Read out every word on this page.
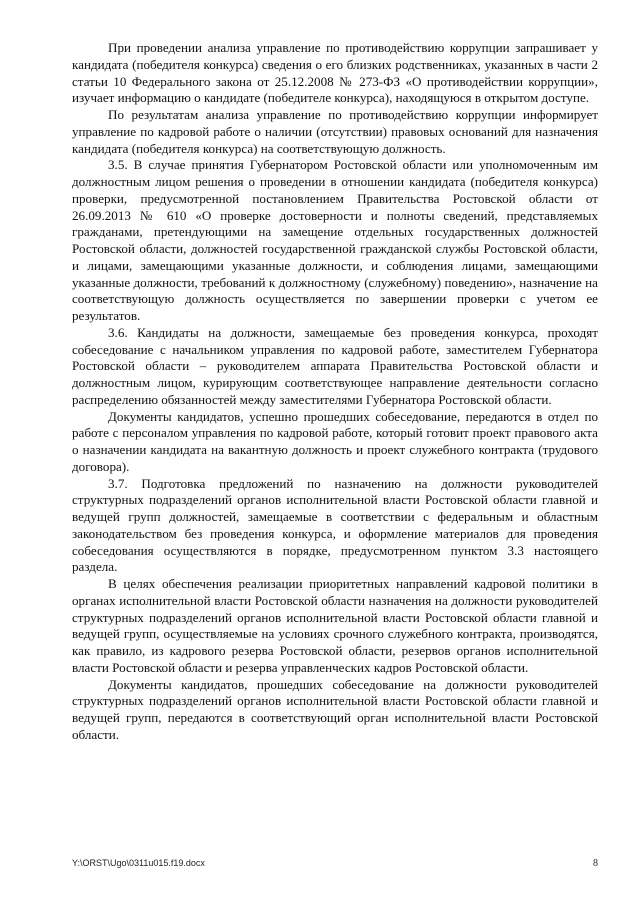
При проведении анализа управление по противодействию коррупции запрашивает у кандидата (победителя конкурса) сведения о его близких родственниках, указанных в части 2 статьи 10 Федерального закона от 25.12.2008 № 273-ФЗ «О противодействии коррупции», изучает информацию о кандидате (победителе конкурса), находящуюся в открытом доступе.

По результатам анализа управление по противодействию коррупции информирует управление по кадровой работе о наличии (отсутствии) правовых оснований для назначения кандидата (победителя конкурса) на соответствующую должность.

3.5. В случае принятия Губернатором Ростовской области или уполномоченным им должностным лицом решения о проведении в отношении кандидата (победителя конкурса) проверки, предусмотренной постановлением Правительства Ростовской области от 26.09.2013 № 610 «О проверке достоверности и полноты сведений, представляемых гражданами, претендующими на замещение отдельных государственных должностей Ростовской области, должностей государственной гражданской службы Ростовской области, и лицами, замещающими указанные должности, и соблюдения лицами, замещающими указанные должности, требований к должностному (служебному) поведению», назначение на соответствующую должность осуществляется по завершении проверки с учетом ее результатов.

3.6. Кандидаты на должности, замещаемые без проведения конкурса, проходят собеседование с начальником управления по кадровой работе, заместителем Губернатора Ростовской области – руководителем аппарата Правительства Ростовской области и должностным лицом, курирующим соответствующее направление деятельности согласно распределению обязанностей между заместителями Губернатора Ростовской области.

Документы кандидатов, успешно прошедших собеседование, передаются в отдел по работе с персоналом управления по кадровой работе, который готовит проект правового акта о назначении кандидата на вакантную должность и проект служебного контракта (трудового договора).

3.7. Подготовка предложений по назначению на должности руководителей структурных подразделений органов исполнительной власти Ростовской области главной и ведущей групп должностей, замещаемые в соответствии с федеральным и областным законодательством без проведения конкурса, и оформление материалов для проведения собеседования осуществляются в порядке, предусмотренном пунктом 3.3 настоящего раздела.

В целях обеспечения реализации приоритетных направлений кадровой политики в органах исполнительной власти Ростовской области назначения на должности руководителей структурных подразделений органов исполнительной власти Ростовской области главной и ведущей групп, осуществляемые на условиях срочного служебного контракта, производятся, как правило, из кадрового резерва Ростовской области, резервов органов исполнительной власти Ростовской области и резерва управленческих кадров Ростовской области.

Документы кандидатов, прошедших собеседование на должности руководителей структурных подразделений органов исполнительной власти Ростовской области главной и ведущей групп, передаются в соответствующий орган исполнительной власти Ростовской области.

Y:\ORST\Ugo\0311u015.f19.docx	8
